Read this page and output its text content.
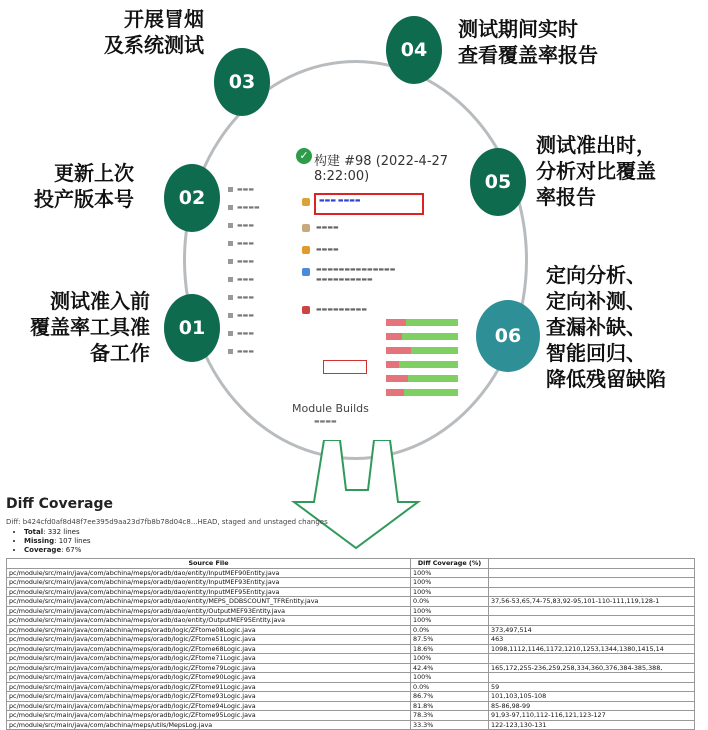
✓ 构建 #98 (2022-4-27 8:22:00)
▬▬▬
▬▬▬▬
▬▬▬
▬▬▬
▬▬▬
▬▬▬
▬▬▬
▬▬▬
▬▬▬
▬▬▬
▬▬▬ ▬▬▬▬
▬▬▬▬
▬▬▬▬
▬▬▬▬▬▬▬▬▬▬▬▬▬▬
▬▬▬▬▬▬▬▬▬▬
▬▬▬▬▬▬▬▬▬
Module Builds
▬▬▬▬
01
测试准入前
覆盖率工具准
备工作
02
更新上次
投产版本号
03
开展冒烟
及系统测试	04
测试期间实时
查看覆盖率报告
05
测试准出时，
分析对比覆盖
率报告
06
定向分析、
定向补测、
查漏补缺、
智能回归、
降低残留缺陷
Diff Coverage
Diff: b424cfd0af8d48f7ee395d9aa23d7fb8b78d04c8...HEAD, staged and unstaged changes
• Total: 332 lines
• Missing: 107 lines
• Coverage: 67%
Source File	Diff Coverage (%)	
pc/module/src/main/java/com/abchina/meps/oradb/dao/entity/InputMEF90Entity.java	100%	
pc/module/src/main/java/com/abchina/meps/oradb/dao/entity/InputMEF93Entity.java	100%	
pc/module/src/main/java/com/abchina/meps/oradb/dao/entity/InputMEF95Entity.java	100%	
pc/module/src/main/java/com/abchina/meps/oradb/dao/entity/MEPS_DDBSCOUNT_TFREntity.java	0.0%	37,56-53,65,74-75,83,92-95,101-110-111,119,128-1
pc/module/src/main/java/com/abchina/meps/oradb/dao/entity/OutputMEF93Entity.java	100%	
pc/module/src/main/java/com/abchina/meps/oradb/dao/entity/OutputMEF95Entity.java	100%	
pc/module/src/main/java/com/abchina/meps/oradb/logic/ZFtome08Logic.java	0.0%	373,497,514
pc/module/src/main/java/com/abchina/meps/oradb/logic/ZFtome51Logic.java	87.5%	463
pc/module/src/main/java/com/abchina/meps/oradb/logic/ZFtome68Logic.java	18.6%	1098,1112,1146,1172,1210,1253,1344,1380,1415,14
pc/module/src/main/java/com/abchina/meps/oradb/logic/ZFtome71Logic.java	100%	
pc/module/src/main/java/com/abchina/meps/oradb/logic/ZFtome79Logic.java	42.4%	165,172,255-236,259,258,334,360,376,384-385,388,
pc/module/src/main/java/com/abchina/meps/oradb/logic/ZFtome90Logic.java	100%	
pc/module/src/main/java/com/abchina/meps/oradb/logic/ZFtome91Logic.java	0.0%	59
pc/module/src/main/java/com/abchina/meps/oradb/logic/ZFtome93Logic.java	86.7%	101,103,105-108
pc/module/src/main/java/com/abchina/meps/oradb/logic/ZFtome94Logic.java	81.8%	85-86,98-99
pc/module/src/main/java/com/abchina/meps/oradb/logic/ZFtome95Logic.java	78.3%	91,93-97,110,112-116,121,123-127
pc/module/src/main/java/com/abchina/meps/utils/MepsLog.java	33.3%	122-123,130-131
